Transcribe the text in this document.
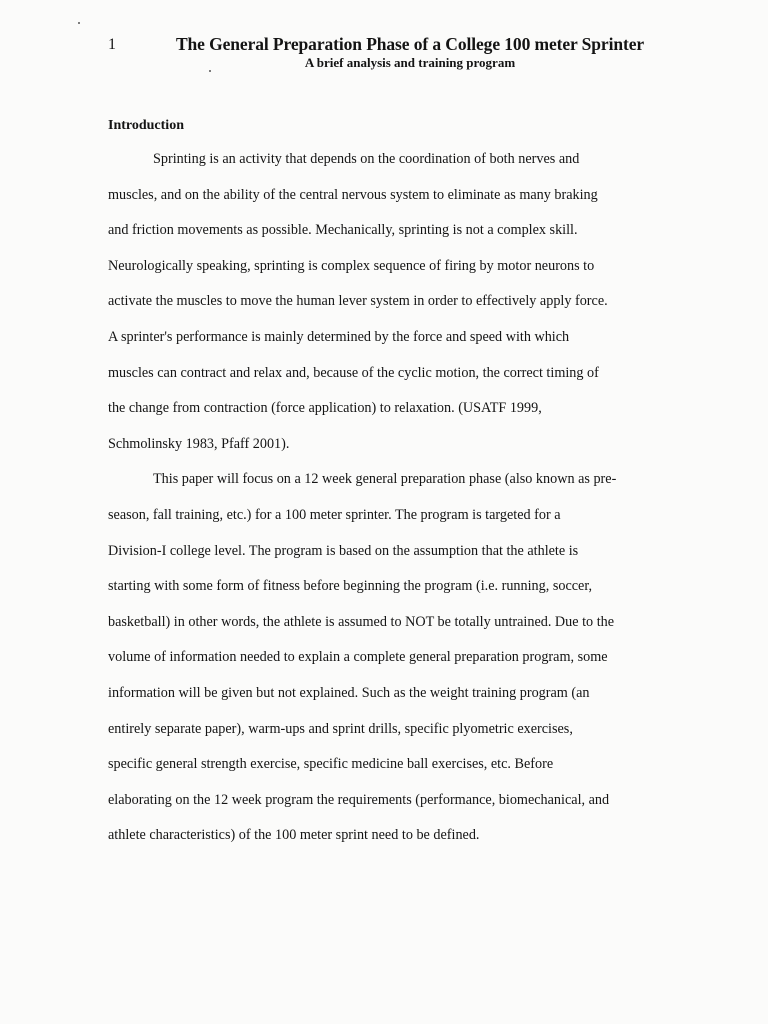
1	The General Preparation Phase of a College 100 meter Sprinter
A brief analysis and training program
Introduction
Sprinting is an activity that depends on the coordination of both nerves and
muscles, and on the ability of the central nervous system to eliminate as many braking
and friction movements as possible. Mechanically, sprinting is not a complex skill.
Neurologically speaking, sprinting is complex sequence of firing by motor neurons to
activate the muscles to move the human lever system in order to effectively apply force.
A sprinter's performance is mainly determined by the force and speed with which
muscles can contract and relax and, because of the cyclic motion, the correct timing of
the change from contraction (force application) to relaxation. (USATF 1999,
Schmolinsky 1983, Pfaff 2001).
This paper will focus on a 12 week general preparation phase (also known as pre-
season, fall training, etc.) for a 100 meter sprinter. The program is targeted for a
Division-I college level. The program is based on the assumption that the athlete is
starting with some form of fitness before beginning the program (i.e. running, soccer,
basketball) in other words, the athlete is assumed to NOT be totally untrained. Due to the
volume of information needed to explain a complete general preparation program, some
information will be given but not explained. Such as the weight training program (an
entirely separate paper), warm-ups and sprint drills, specific plyometric exercises,
specific general strength exercise, specific medicine ball exercises, etc. Before
elaborating on the 12 week program the requirements (performance, biomechanical, and
athlete characteristics) of the 100 meter sprint need to be defined.
